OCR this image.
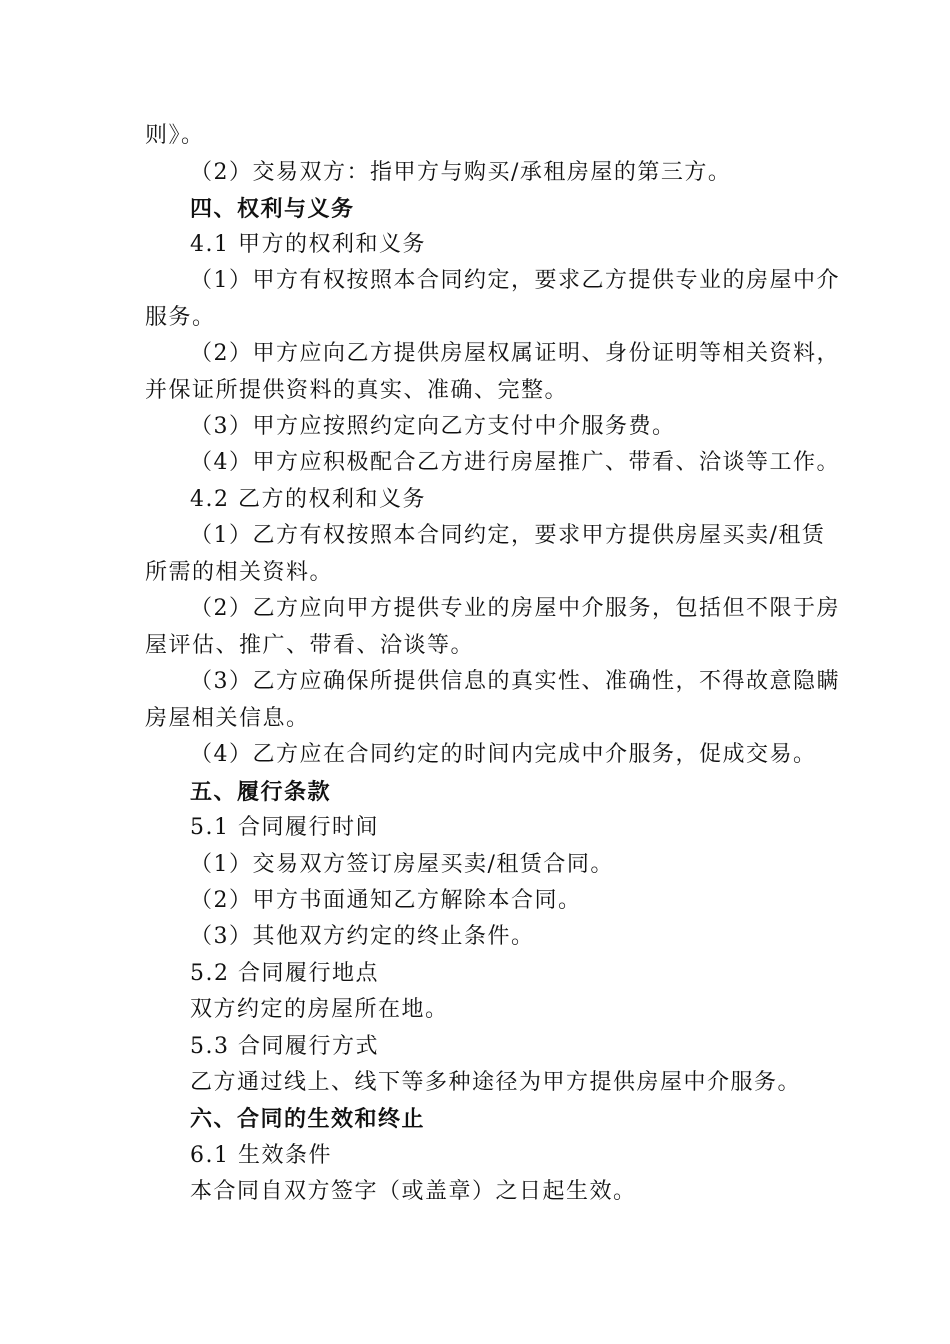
则》。
（2）交易双方：指甲方与购买/承租房屋的第三方。
四、权利与义务
4.1 甲方的权利和义务
（1）甲方有权按照本合同约定，要求乙方提供专业的房屋中介
服务。
（2）甲方应向乙方提供房屋权属证明、身份证明等相关资料，
并保证所提供资料的真实、准确、完整。
（3）甲方应按照约定向乙方支付中介服务费。
（4）甲方应积极配合乙方进行房屋推广、带看、洽谈等工作。
4.2 乙方的权利和义务
（1）乙方有权按照本合同约定，要求甲方提供房屋买卖/租赁
所需的相关资料。
（2）乙方应向甲方提供专业的房屋中介服务，包括但不限于房
屋评估、推广、带看、洽谈等。
（3）乙方应确保所提供信息的真实性、准确性，不得故意隐瞒
房屋相关信息。
（4）乙方应在合同约定的时间内完成中介服务，促成交易。
五、履行条款
5.1 合同履行时间
（1）交易双方签订房屋买卖/租赁合同。
（2）甲方书面通知乙方解除本合同。
（3）其他双方约定的终止条件。
5.2 合同履行地点
双方约定的房屋所在地。
5.3 合同履行方式
乙方通过线上、线下等多种途径为甲方提供房屋中介服务。
六、合同的生效和终止
6.1 生效条件
本合同自双方签字（或盖章）之日起生效。
